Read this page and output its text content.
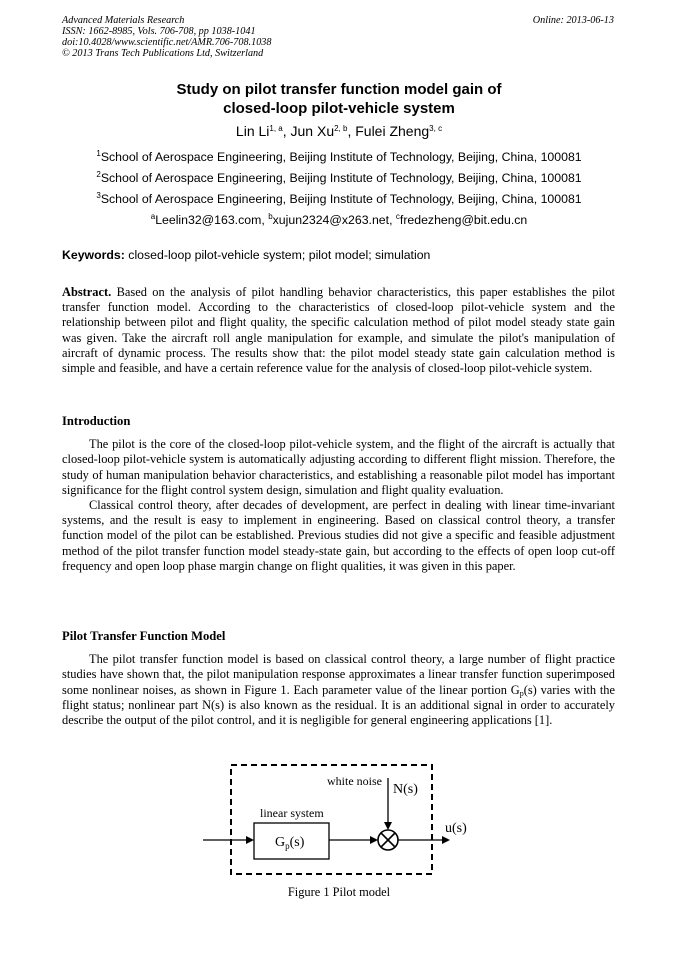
Advanced Materials Research
ISSN: 1662-8985, Vols. 706-708, pp 1038-1041
doi:10.4028/www.scientific.net/AMR.706-708.1038
© 2013 Trans Tech Publications Ltd, Switzerland
Online: 2013-06-13
Study on pilot transfer function model gain of
closed-loop pilot-vehicle system
Lin Li$^{1, a}$, Jun Xu$^{2, b}$, Fulei Zheng$^{3, c}$
$^1$School of Aerospace Engineering, Beijing Institute of Technology, Beijing, China, 100081
$^2$School of Aerospace Engineering, Beijing Institute of Technology, Beijing, China, 100081
$^3$School of Aerospace Engineering, Beijing Institute of Technology, Beijing, China, 100081
$^a$Leelin32@163.com, $^b$xujun2324@x263.net, $^c$fredezheng@bit.edu.cn
Keywords: closed-loop pilot-vehicle system; pilot model; simulation
Abstract. Based on the analysis of pilot handling behavior characteristics, this paper establishes the pilot transfer function model. According to the characteristics of closed-loop pilot-vehicle system and the relationship between pilot and flight quality, the specific calculation method of pilot model steady state gain was given. Take the aircraft roll angle manipulation for example, and simulate the pilot's manipulation of aircraft of dynamic process. The results show that: the pilot model steady state gain calculation method is simple and feasible, and have a certain reference value for the analysis of closed-loop pilot-vehicle system.
Introduction

The pilot is the core of the closed-loop pilot-vehicle system, and the flight of the aircraft is actually that closed-loop pilot-vehicle system is automatically adjusting according to different flight mission. Therefore, the study of human manipulation behavior characteristics, and establishing a reasonable pilot model has important significance for the flight control system design, simulation and flight quality evaluation.

Classical control theory, after decades of development, are perfect in dealing with linear time-invariant systems, and the result is easy to implement in engineering. Based on classical control theory, a transfer function model of the pilot can be established. Previous studies did not give a specific and feasible adjustment method of the pilot transfer function model steady-state gain, but according to the effects of open loop cut-off frequency and open loop phase margin change on flight qualities, it was given in this paper.

Pilot Transfer Function Model

The pilot transfer function model is based on classical control theory, a large number of flight practice studies have shown that, the pilot manipulation response approximates a linear transfer function superimposed some nonlinear noises, as shown in Figure 1. Each parameter value of the linear portion $G_p(s)$ varies with the flight status; nonlinear part N(s) is also known as the residual. It is an additional signal in order to accurately describe the output of the pilot control, and it is negligible for general engineering applications [1].

white noise
N(s)
linear system
$G_p(s)$
u(s)
Figure 1 Pilot model
